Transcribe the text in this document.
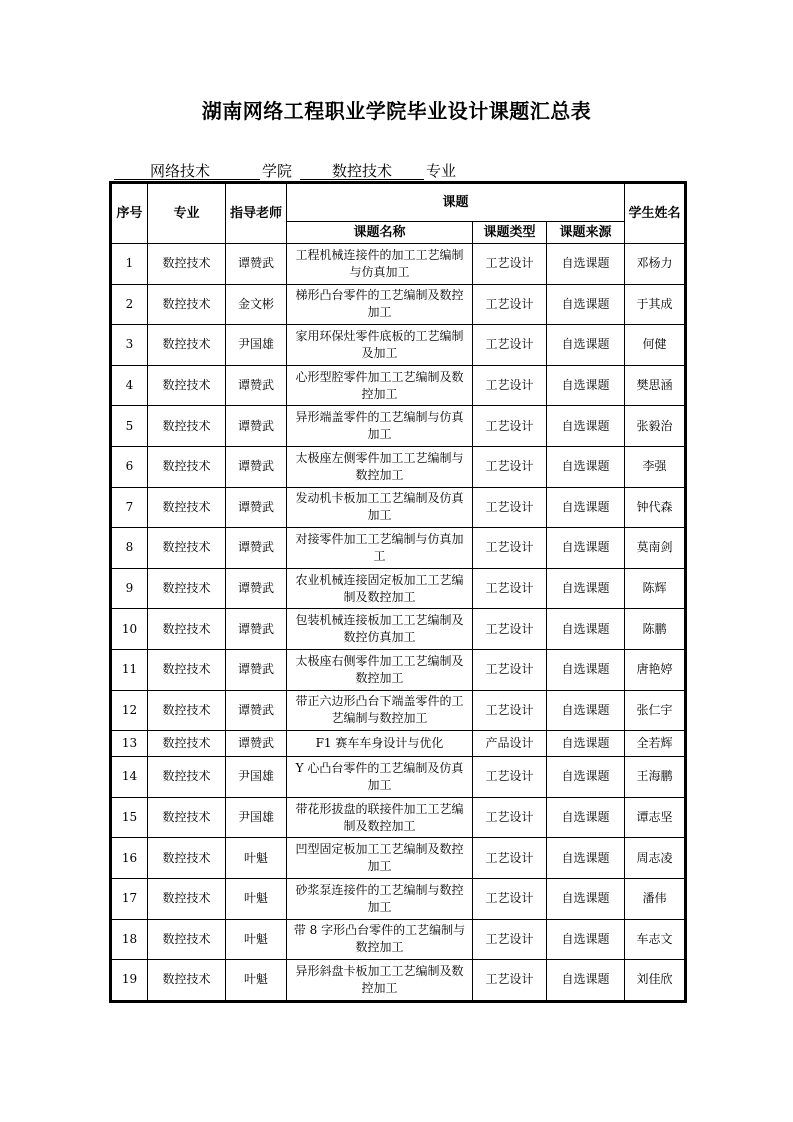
湖南网络工程职业学院毕业设计课题汇总表
网络技术	学院	数控技术 专业
序号	专业	指导老师	课题			学生姓名
			课题名称	课题类型	课题来源	
1	数控技术	谭赞武	工程机械连接件的加工工艺编制与仿真加工	工艺设计	自选课题	邓杨力
2	数控技术	金文彬	梯形凸台零件的工艺编制及数控加工	工艺设计	自选课题	于其成
3	数控技术	尹国雄	家用环保灶零件底板的工艺编制及加工	工艺设计	自选课题	何健
4	数控技术	谭赞武	心形型腔零件加工工艺编制及数控加工	工艺设计	自选课题	樊思涵
5	数控技术	谭赞武	异形端盖零件的工艺编制与仿真加工	工艺设计	自选课题	张毅治
6	数控技术	谭赞武	太极座左侧零件加工工艺编制与数控加工	工艺设计	自选课题	李强
7	数控技术	谭赞武	发动机卡板加工工艺编制及仿真加工	工艺设计	自选课题	钟代森
8	数控技术	谭赞武	对接零件加工工艺编制与仿真加工	工艺设计	自选课题	莫南剑
9	数控技术	谭赞武	农业机械连接固定板加工工艺编制及数控加工	工艺设计	自选课题	陈辉
10	数控技术	谭赞武	包装机械连接板加工工艺编制及数控仿真加工	工艺设计	自选课题	陈鹏
11	数控技术	谭赞武	太极座右侧零件加工工艺编制及数控加工	工艺设计	自选课题	唐艳婷
12	数控技术	谭赞武	带正六边形凸台下端盖零件的工艺编制与数控加工	工艺设计	自选课题	张仁宇
13	数控技术	谭赞武	F1 赛车车身设计与优化	产品设计	自选课题	全若辉
14	数控技术	尹国雄	Y 心凸台零件的工艺编制及仿真加工	工艺设计	自选课题	王海鹏
15	数控技术	尹国雄	带花形拔盘的联接件加工工艺编制及数控加工	工艺设计	自选课题	谭志坚
16	数控技术	叶魁	凹型固定板加工工艺编制及数控加工	工艺设计	自选课题	周志凌
17	数控技术	叶魁	砂浆泵连接件的工艺编制与数控加工	工艺设计	自选课题	潘伟
18	数控技术	叶魁	带 8 字形凸台零件的工艺编制与数控加工	工艺设计	自选课题	车志文
19	数控技术	叶魁	异形斜盘卡板加工工艺编制及数控加工	工艺设计	自选课题	刘佳欣
